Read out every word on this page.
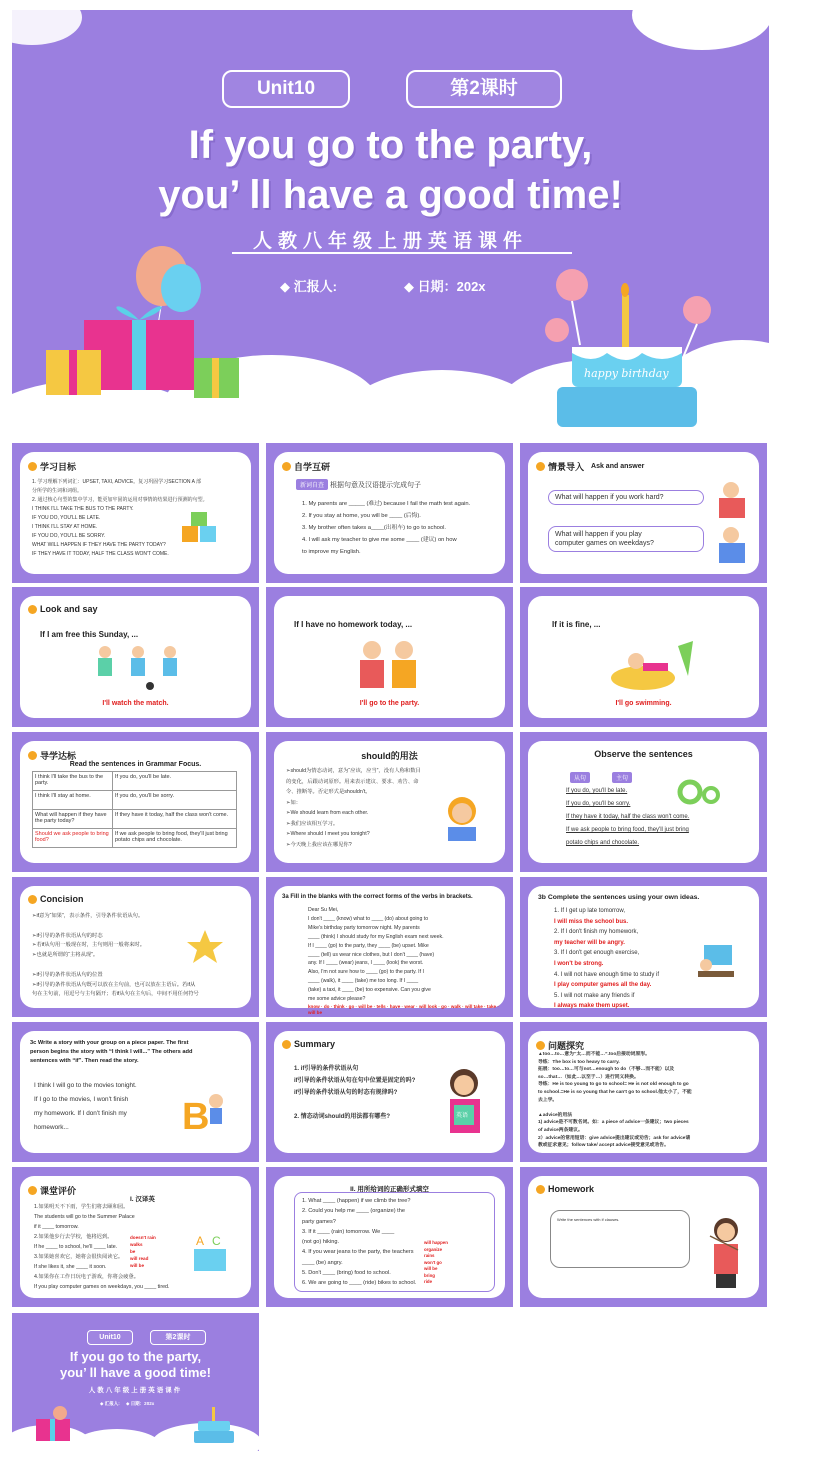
Unit10	第2课时
If you go to the party,
you’ ll have a good time!
人教八年级上册英语课件
◆ 汇报人:	◆ 日期：202x
happy birthday
学习目标
1. 学习理解下列词汇：UPSET, TAXI, ADVICE。复习巩固学习SECTION A 部
分所学的生词和词组。
2. 通过核心句型的集中学习，能更加牢固的运用对事情的结果进行预测的句型。
I THINK I'LL TAKE THE BUS TO THE PARTY.
IF YOU DO, YOU'LL BE LATE.
I THINK I'LL STAY AT HOME.
IF YOU DO, YOU'LL BE SORRY.
WHAT WILL HAPPEN IF THEY HAVE THE PARTY TODAY?
IF THEY HAVE IT TODAY, HALF THE CLASS WON'T COME.
自学互研
新词自查 根据句意及汉语提示完成句子
1. My parents are _____ (难过) because I fail the math test again.
2. If you stay at home, you will be ____ (后悔).
3. My brother often takes a____(出租车) to go to school.
4. I will ask my teacher to give me some ____ (建议) on how
to improve my English.
情景导入 Ask and answer
What will happen if you work hard?
What will happen if you play
computer games on weekdays?
Look and say
If I am free this Sunday, ...
I'll watch the match.
If I have no homework today, ...
I'll go to the party.
If it is fine, ...
I'll go swimming.
导学达标
Read the sentences in Grammar Focus.
I think I'll take the bus to the party.	If you do, you'll be late.
I think I'll stay at home.	If you do, you'll be sorry.
What will happen if they have the party today?	If they have it today, half the class won't come.
Should we ask people to bring food?	If we ask people to bring food, they'll just bring potato chips and chocolate.
should的用法
➢should为情态动词，意为“应该，应当”，没有人称和数目
的变化，后跟动词原形。用来表示建议、要求、劝告、命
令、推断等。否定形式是shouldn't。
➢如：
➢We should learn from each other.
➢我们应该相互学习。
➢Where should I meet you tonight?
➢今天晚上我应该在哪见你?
Observe the sentences
从句	主句
If you do, you'll be late.
If you do, you'll be sorry.
If they have it today, half the class won't come.
If we ask people to bring food, they'll just bring
potato chips and chocolate.
Concision
➢if意为“如果”，表示条件，引导条件状语从句。

➢if引导的条件状语从句的时态
➢若if从句用一般现在时，主句则用一般将来时。
➢也就是所谓的“主将从现”。

➢if引导的条件状语从句的位置
➢if引导的条件状语从句既可以放在主句前，也可以放在主语后。若if从
句在主句前，用逗号与主句隔开；若if从句在主句后，中间不用任何符号
3a Fill in the blanks with the correct forms of the verbs in brackets.
Dear Su Mei,
I don't ____ (know) what to ____ (do) about going to
Mike's birthday party tomorrow night. My parents
____ (think) I should study for my English exam next week.
If I ____ (go) to the party, they ____ (be) upset. Mike
____ (tell) us wear nice clothes, but I don't ____ (have)
any. If I ____ (wear) jeans, I ____ (look) the worst.
Also, I'm not sure how to ____ (go) to the party. If I
____ (walk), it ____ (take) me too long. If I ____
(take) a taxi, it ____ (be) too expensive. Can you give
me some advice please?
know · do · think · go · will be · tells · have · wear · will look · go · walk · will take · take · will be
3b Complete the sentences using your own ideas.
1. If I get up late tomorrow,
I will miss the school bus.
2. If I don't finish my homework,
my teacher will be angry.
3. If I don't get enough exercise,
I won't be strong.
4. I will not have enough time to study if
I play computer games all the day.
5. I will not make any friends if
I always make them upset.
3c Write a story with your group on a piece paper. The first
person begins the story with “I think I will...” The others add
sentences with “if”. Then read the story.
I think I will go to the movies tonight.
If I go to the movies, I won't finish
my homework. If I don't finish my
homework...	B
Summary
1. if引导的条件状语从句
if引导的条件状语从句在句中位置是固定的吗?
if引导的条件状语从句的时态有规律吗?

2. 情态动词should的用法都有哪些?	英语
问题探究
▲too…to…意为“太…而不能…”.too后接动词原形。
导练：The box is too heavy to carry.
拓展：too…to…可与not…enough to do（不够…而不能）以及
so…that…（如此…以至于…）进行同义转换。
导练：He is too young to go to school= He is not old enough to go
to school.=He is so young that he can't go to school.他太小了，不能
去上学。

▲advice的用法
1) advice是不可数名词。如：a piece of advice一条建议；two pieces
of advice两条建议。
2）advice的常用短语：give advice提出建议或劝告；ask for advice请
教或征求意见；follow take/ accept advice接受意见或劝告。
课堂评价
I. 汉译英
1.如果明天不下雨，学生们将去颐和园。
The students will go to the Summer Palace
if it ____ tomorrow.
2.如果他步行去学校，他将迟到。
If he ____ to school, he'll ____ late.
3.如果她喜欢它，她将会很快阅读它。
If she likes it, she ____ it soon.
4.如果你在工作日玩电子游戏，你将会疲惫。
If you play computer games on weekdays, you ____ tired.
doesn't rain
walks
be
will read
will be
A C
II. 用所给词的正确形式填空
1. What ____ (happen) if we climb the tree?
2. Could you help me ____ (organize) the
party games?
3. If it ____ (rain) tomorrow. We ____
(not go) hiking.
4. If you wear jeans to the party, the teachers
____ (be) angry.
5. Don't ____ (bring) food to school.
6. We are going to ____ (ride) bikes to school.
will happen
organize
rains
won't go
will be
bring
ride
Homework
Write the sentences with if clauses.
Unit10	第2课时
If you go to the party,
you’ ll have a good time!
人教八年级上册英语课件
◆ 汇报人:     ◆ 日期：202x
